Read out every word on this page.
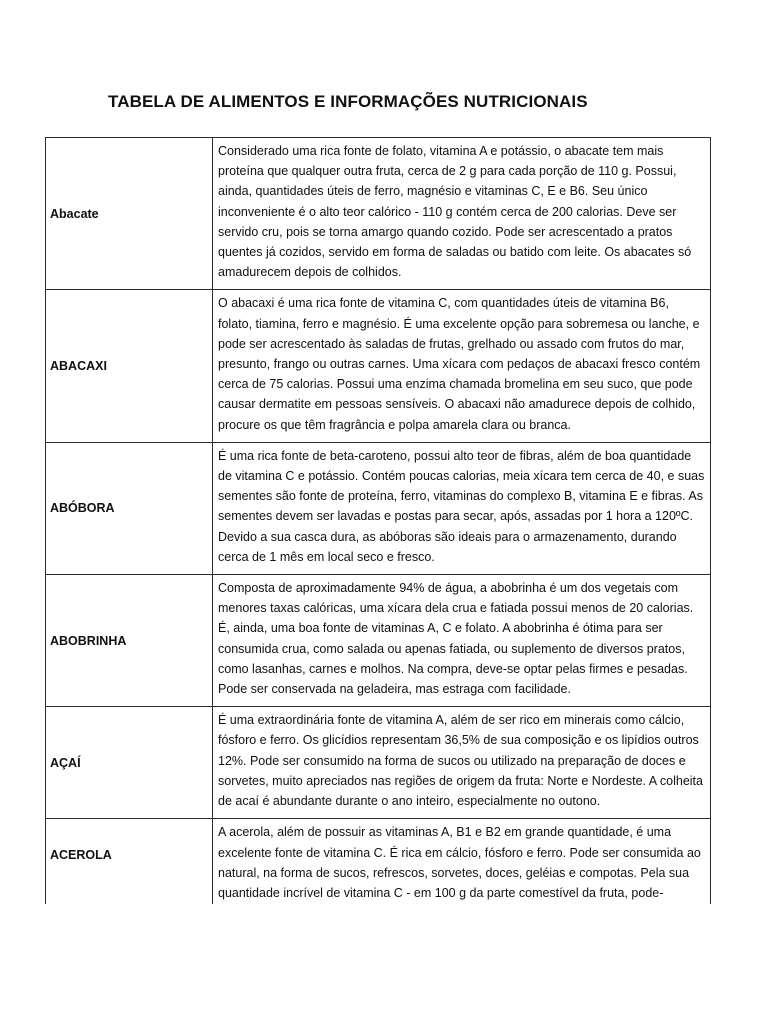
TABELA DE ALIMENTOS E INFORMAÇÕES NUTRICIONAIS
Abacate	Considerado uma rica fonte de folato, vitamina A e potássio, o abacate tem mais proteína que qualquer outra fruta, cerca de 2 g para cada porção de 110 g. Possui, ainda, quantidades úteis de ferro, magnésio e vitaminas C, E e B6. Seu único inconveniente é o alto teor calórico - 110 g contém cerca de 200 calorias. Deve ser servido cru, pois se torna amargo quando cozido. Pode ser acrescentado a pratos quentes já cozidos, servido em forma de saladas ou batido com leite. Os abacates só amadurecem depois de colhidos.
ABACAXI	O abacaxi é uma rica fonte de vitamina C, com quantidades úteis de vitamina B6, folato, tiamina, ferro e magnésio. É uma excelente opção para sobremesa ou lanche, e pode ser acrescentado às saladas de frutas, grelhado ou assado com frutos do mar, presunto, frango ou outras carnes. Uma xícara com pedaços de abacaxi fresco contém cerca de 75 calorias. Possui uma enzima chamada bromelina em seu suco, que pode causar dermatite em pessoas sensíveis. O abacaxi não amadurece depois de colhido, procure os que têm fragrância e polpa amarela clara ou branca.
ABÓBORA	É uma rica fonte de beta-caroteno, possui alto teor de fibras, além de boa quantidade de vitamina C e potássio. Contém poucas calorias, meia xícara tem cerca de 40, e suas sementes são fonte de proteína, ferro, vitaminas do complexo B, vitamina E e fibras. As sementes devem ser lavadas e postas para secar, após, assadas por 1 hora a 120ºC. Devido a sua casca dura, as abóboras são ideais para o armazenamento, durando cerca de 1 mês em local seco e fresco.
ABOBRINHA	Composta de aproximadamente 94% de água, a abobrinha é um dos vegetais com menores taxas calóricas, uma xícara dela crua e fatiada possui menos de 20 calorias. É, ainda, uma boa fonte de vitaminas A, C e folato. A abobrinha é ótima para ser consumida crua, como salada ou apenas fatiada, ou suplemento de diversos pratos, como lasanhas, carnes e molhos. Na compra, deve-se optar pelas firmes e pesadas. Pode ser conservada na geladeira, mas estraga com facilidade.
AÇAÍ	É uma extraordinária fonte de vitamina A, além de ser rico em minerais como cálcio, fósforo e ferro. Os glicídios representam 36,5% de sua composição e os lipídios outros 12%. Pode ser consumido na forma de sucos ou utilizado na preparação de doces e sorvetes, muito apreciados nas regiões de origem da fruta: Norte e Nordeste. A colheita de acaí é abundante durante o ano inteiro, especialmente no outono.
ACEROLA	A acerola, além de possuir as vitaminas A, B1 e B2 em grande quantidade, é uma excelente fonte de vitamina C. É rica em cálcio, fósforo e ferro. Pode ser consumida ao natural, na forma de sucos, refrescos, sorvetes, doces, geléias e compotas. Pela sua quantidade incrível de vitamina C - em 100 g da parte comestível da fruta, pode-
